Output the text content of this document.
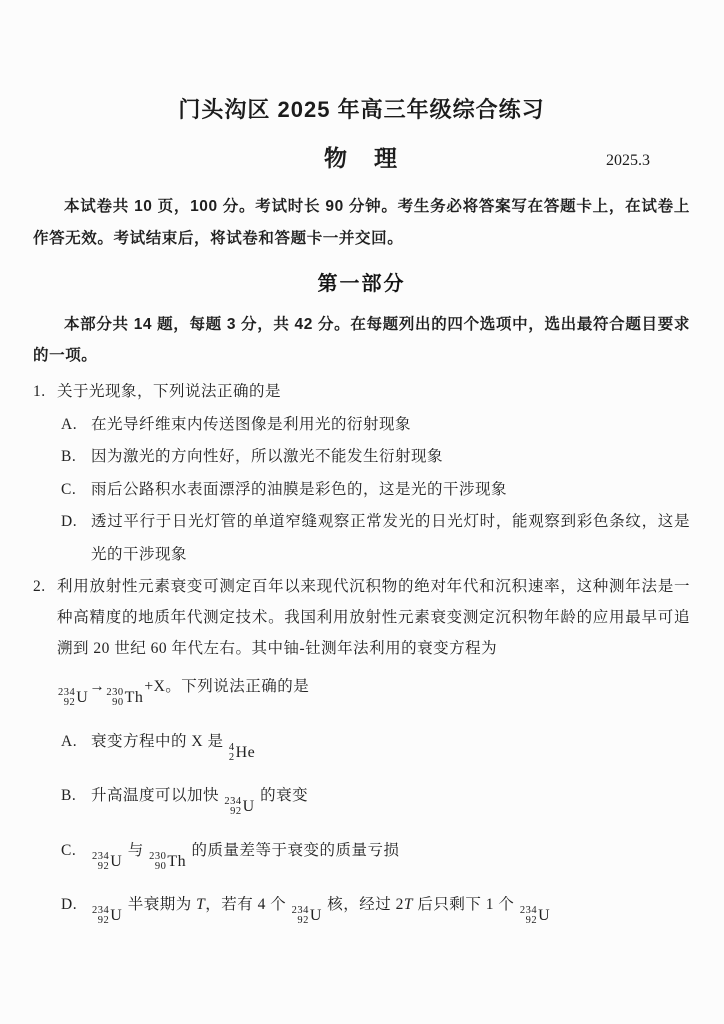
门头沟区 2025 年高三年级综合练习
物　理	2025.3

本试卷共 10 页，100 分。考试时长 90 分钟。考生务必将答案写在答题卡上，在试卷上作答无效。考试结束后，将试卷和答题卡一并交回。

第一部分

本部分共 14 题，每题 3 分，共 42 分。在每题列出的四个选项中，选出最符合题目要求的一项。

1. 关于光现象，下列说法正确的是
A. 在光导纤维束内传送图像是利用光的衍射现象
B. 因为激光的方向性好，所以激光不能发生衍射现象
C. 雨后公路积水表面漂浮的油膜是彩色的，这是光的干涉现象
D. 透过平行于日光灯管的单道窄缝观察正常发光的日光灯时，能观察到彩色条纹，这是光的干涉现象
2. 利用放射性元素衰变可测定百年以来现代沉积物的绝对年代和沉积速率，这种测年法是一种高精度的地质年代测定技术。我国利用放射性元素衰变测定沉积物年龄的应用最早可追溯到 20 世纪 60 年代左右。其中铀-钍测年法利用的衰变方程为
234
92 U
→ 230
90 Th
+X。下列说法正确的是
A. 衰变方程中的 X 是 4
2 He
B. 升高温度可以加快 234
92 U
的衰变
C.	234
92 U
与 230
90 Th
的质量差等于衰变的质量亏损
D.	234
92 U
半衰期为 T，若有 4 个 234
92 U
核，经过 2T 后只剩下 1 个 234
92 U
